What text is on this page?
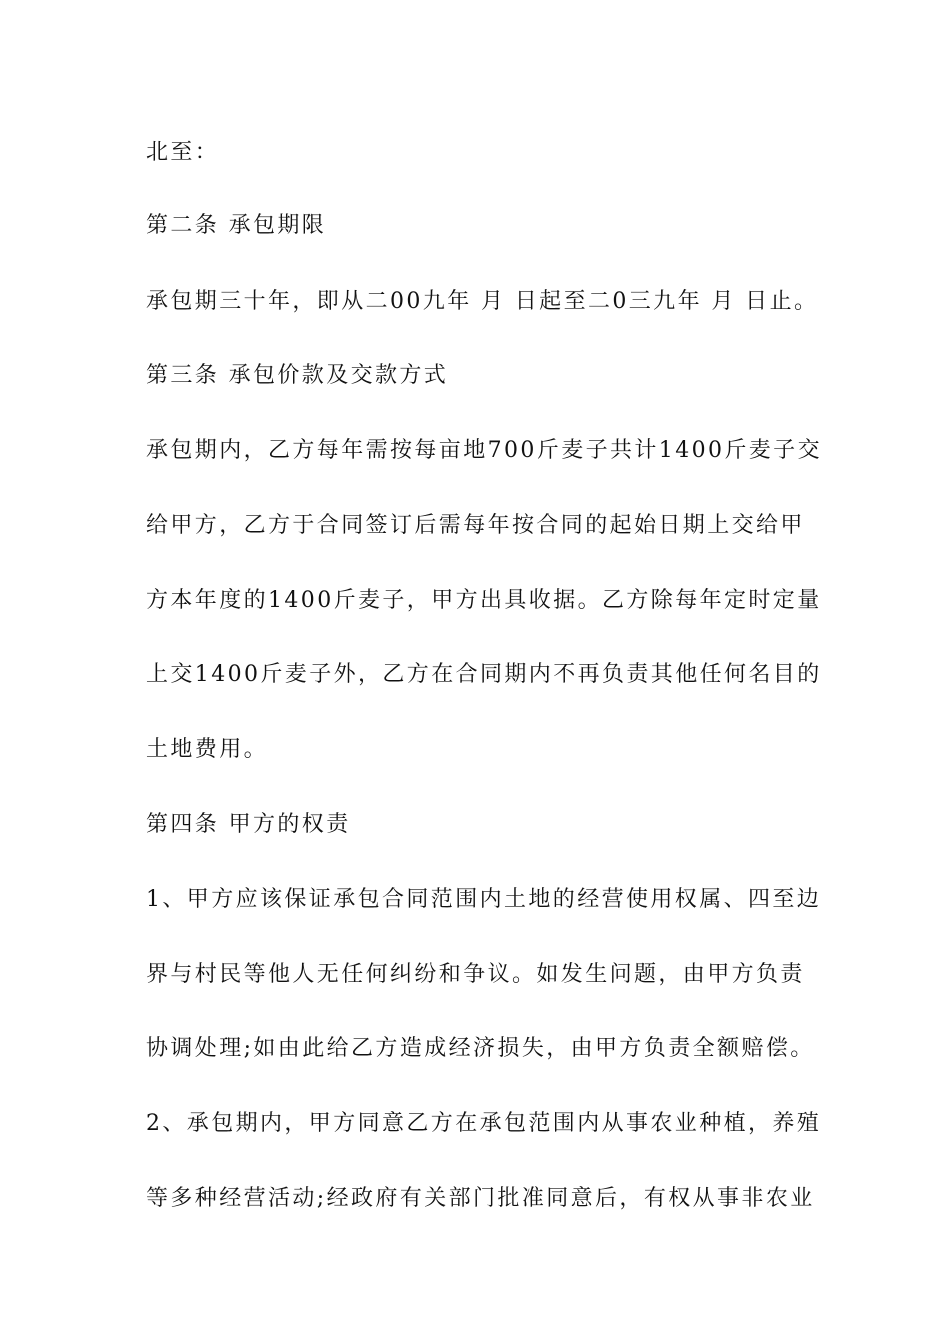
北至：
第二条 承包期限
承包期三十年，即从二00九年 月 日起至二0三九年 月 日止。
第三条 承包价款及交款方式
承包期内，乙方每年需按每亩地700斤麦子共计1400斤麦子交
给甲方，乙方于合同签订后需每年按合同的起始日期上交给甲
方本年度的1400斤麦子，甲方出具收据。乙方除每年定时定量
上交1400斤麦子外，乙方在合同期内不再负责其他任何名目的
土地费用。
第四条 甲方的权责
1、甲方应该保证承包合同范围内土地的经营使用权属、四至边
界与村民等他人无任何纠纷和争议。如发生问题，由甲方负责
协调处理;如由此给乙方造成经济损失，由甲方负责全额赔偿。
2、承包期内，甲方同意乙方在承包范围内从事农业种植，养殖
等多种经营活动;经政府有关部门批准同意后，有权从事非农业
